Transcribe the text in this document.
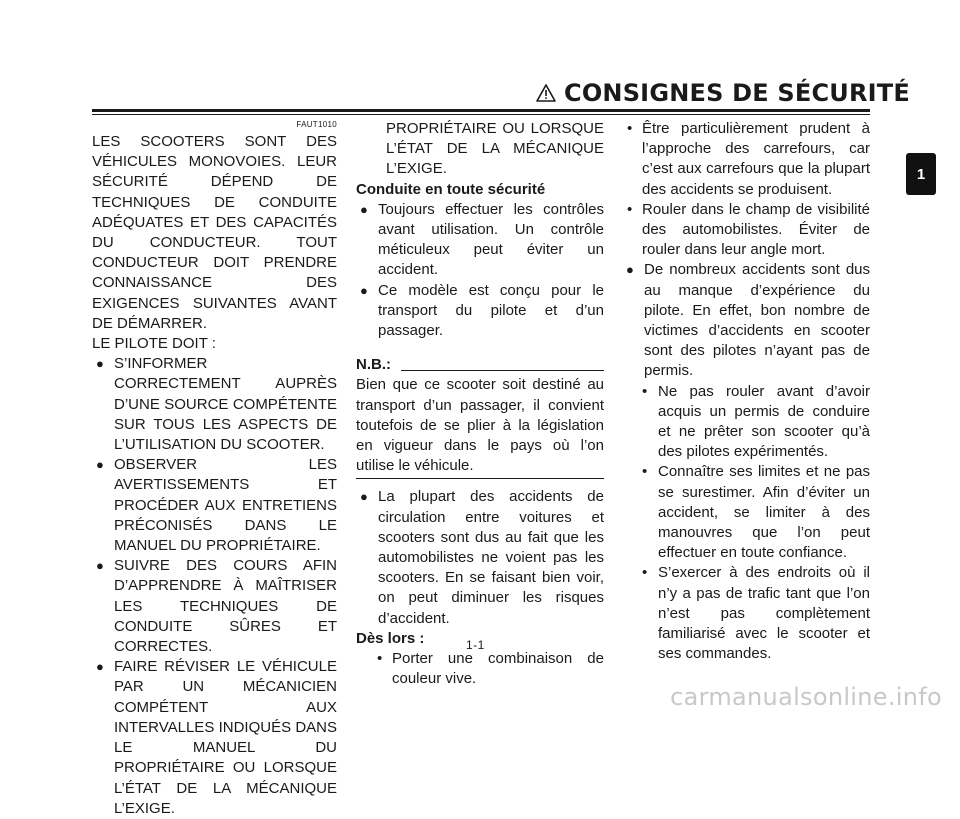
CONSIGNES DE SÉCURITÉ
1
FAUT1010
LES SCOOTERS SONT DES VÉHICULES MONOVOIES. LEUR SÉCURITÉ DÉPEND DE TECHNIQUES DE CONDUITE ADÉQUATES ET DES CAPACITÉS DU CONDUCTEUR. TOUT CONDUCTEUR DOIT PRENDRE CONNAISSANCE DES EXIGENCES SUIVANTES AVANT DE DÉMARRER.
LE PILOTE DOIT :
● S’INFORMER CORRECTEMENT AUPRÈS D’UNE SOURCE COMPÉTENTE SUR TOUS LES ASPECTS DE L’UTILISATION DU SCOOTER.
● OBSERVER LES AVERTISSEMENTS ET PROCÉDER AUX ENTRETIENS PRÉCONISÉS DANS LE MANUEL DU PROPRIÉTAIRE.
● SUIVRE DES COURS AFIN D’APPRENDRE À MAÎTRISER LES TECHNIQUES DE CONDUITE SÛRES ET CORRECTES.
● FAIRE RÉVISER LE VÉHICULE PAR UN MÉCANICIEN COMPÉTENT AUX INTERVALLES INDIQUÉS DANS LE MANUEL DU PROPRIÉTAIRE OU LORSQUE L’ÉTAT DE LA MÉCANIQUE L’EXIGE.
PROPRIÉTAIRE OU LORSQUE L’ÉTAT DE LA MÉCANIQUE L’EXIGE.
Conduite en toute sécurité
● Toujours effectuer les contrôles avant utilisation. Un contrôle méticuleux peut éviter un accident.
● Ce modèle est conçu pour le transport du pilote et d’un passager.
N.B.:

Bien que ce scooter soit destiné au transport d’un passager, il convient toutefois de se plier à la législation en vigueur dans le pays où l’on utilise le véhicule.

● La plupart des accidents de circulation entre voitures et scooters sont dus au fait que les automobilistes ne voient pas les scooters. En se faisant bien voir, on peut diminuer les risques d’accident.
Dès lors :
• Porter une combinaison de couleur vive.
• Être particulièrement prudent à l’approche des carrefours, car c’est aux carrefours que la plupart des accidents se produisent.
• Rouler dans le champ de visibilité des automobilistes. Éviter de rouler dans leur angle mort.
● De nombreux accidents sont dus au manque d’expérience du pilote. En effet, bon nombre de victimes d’accidents en scooter sont des pilotes n’ayant pas de permis.
• Ne pas rouler avant d’avoir acquis un permis de conduire et ne prêter son scooter qu’à des pilotes expérimentés.
• Connaître ses limites et ne pas se surestimer. Afin d’éviter un accident, se limiter à des manouvres que l’on peut effectuer en toute confiance.
• S’exercer à des endroits où il n’y a pas de trafic tant que l’on n’est pas complètement familiarisé avec le scooter et ses commandes.
1-1
carmanualsonline.info
